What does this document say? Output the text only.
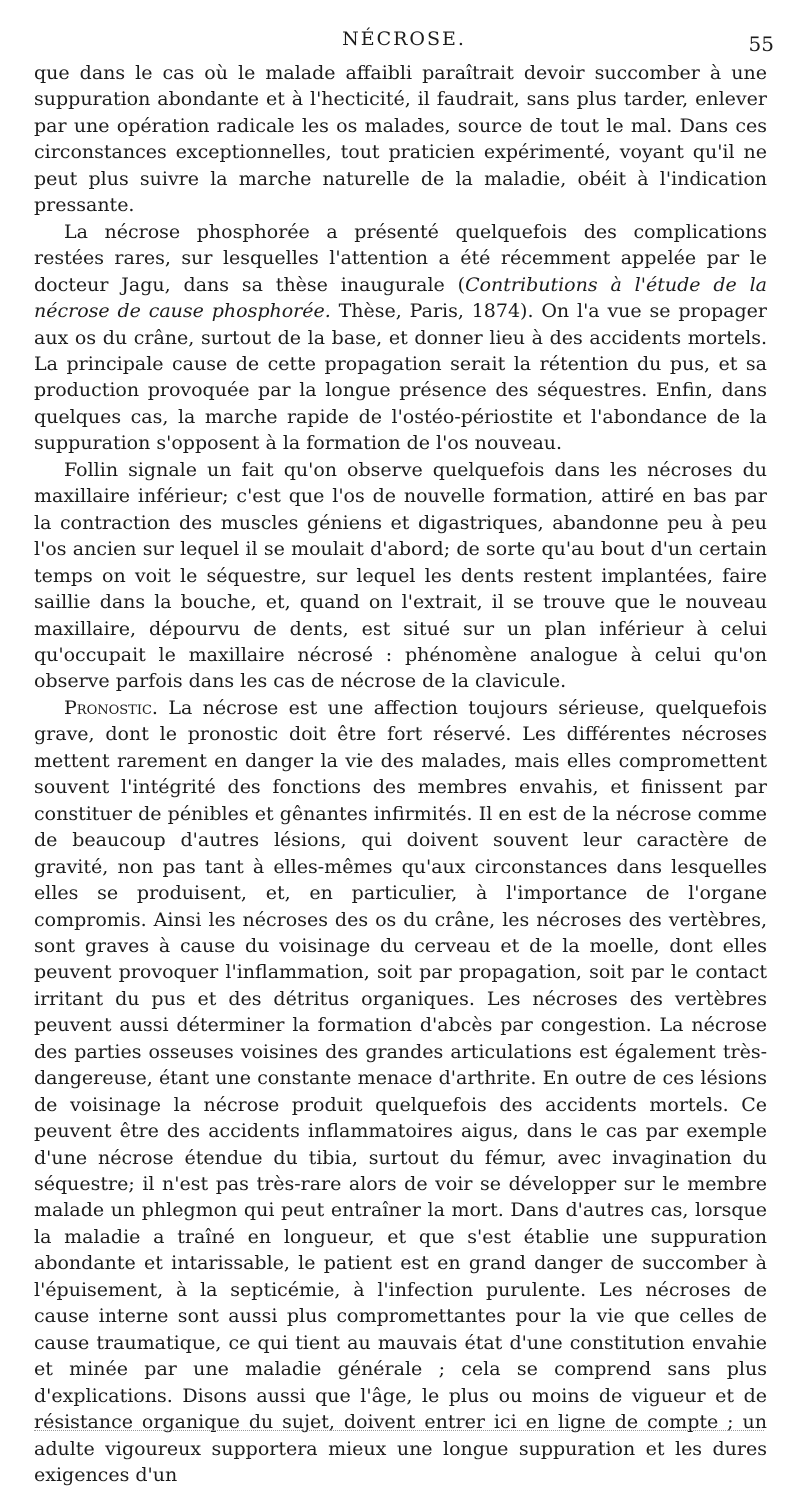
NÉCROSE.	55

que dans le cas où le malade affaibli paraîtrait devoir succomber à une suppuration abondante et à l'hecticité, il faudrait, sans plus tarder, enlever par une opération radicale les os malades, source de tout le mal. Dans ces circonstances exceptionnelles, tout praticien expérimenté, voyant qu'il ne peut plus suivre la marche naturelle de la maladie, obéit à l'indication pressante.

La nécrose phosphorée a présenté quelquefois des complications restées rares, sur lesquelles l'attention a été récemment appelée par le docteur Jagu, dans sa thèse inaugurale (Contributions à l'étude de la nécrose de cause phosphorée. Thèse, Paris, 1874). On l'a vue se propager aux os du crâne, surtout de la base, et donner lieu à des accidents mortels. La principale cause de cette propagation serait la rétention du pus, et sa production provoquée par la longue présence des séquestres. Enfin, dans quelques cas, la marche rapide de l'ostéo-périostite et l'abondance de la suppuration s'opposent à la formation de l'os nouveau.

Follin signale un fait qu'on observe quelquefois dans les nécroses du maxillaire inférieur; c'est que l'os de nouvelle formation, attiré en bas par la contraction des muscles géniens et digastriques, abandonne peu à peu l'os ancien sur lequel il se moulait d'abord; de sorte qu'au bout d'un certain temps on voit le séquestre, sur lequel les dents restent implantées, faire saillie dans la bouche, et, quand on l'extrait, il se trouve que le nouveau maxillaire, dépourvu de dents, est situé sur un plan inférieur à celui qu'occupait le maxillaire nécrosé : phénomène analogue à celui qu'on observe parfois dans les cas de nécrose de la clavicule.

Pronostic. La nécrose est une affection toujours sérieuse, quelquefois grave, dont le pronostic doit être fort réservé. Les différentes nécroses mettent rarement en danger la vie des malades, mais elles compromettent souvent l'intégrité des fonctions des membres envahis, et finissent par constituer de pénibles et gênantes infirmités. Il en est de la nécrose comme de beaucoup d'autres lésions, qui doivent souvent leur caractère de gravité, non pas tant à elles-mêmes qu'aux circonstances dans lesquelles elles se produisent, et, en particulier, à l'importance de l'organe compromis. Ainsi les nécroses des os du crâne, les nécroses des vertèbres, sont graves à cause du voisinage du cerveau et de la moelle, dont elles peuvent provoquer l'inflammation, soit par propagation, soit par le contact irritant du pus et des détritus organiques. Les nécroses des vertèbres peuvent aussi déterminer la formation d'abcès par congestion. La nécrose des parties osseuses voisines des grandes articulations est également très-dangereuse, étant une constante menace d'arthrite. En outre de ces lésions de voisinage la nécrose produit quelquefois des accidents mortels. Ce peuvent être des accidents inflammatoires aigus, dans le cas par exemple d'une nécrose étendue du tibia, surtout du fémur, avec invagination du séquestre; il n'est pas très-rare alors de voir se développer sur le membre malade un phlegmon qui peut entraîner la mort. Dans d'autres cas, lorsque la maladie a traîné en longueur, et que s'est établie une suppuration abondante et intarissable, le patient est en grand danger de succomber à l'épuisement, à la septicémie, à l'infection purulente. Les nécroses de cause interne sont aussi plus compromettantes pour la vie que celles de cause traumatique, ce qui tient au mauvais état d'une constitution envahie et minée par une maladie générale ; cela se comprend sans plus d'explications. Disons aussi que l'âge, le plus ou moins de vigueur et de résistance organique du sujet, doivent entrer ici en ligne de compte ; un adulte vigoureux supportera mieux une longue suppuration et les dures exigences d'un
